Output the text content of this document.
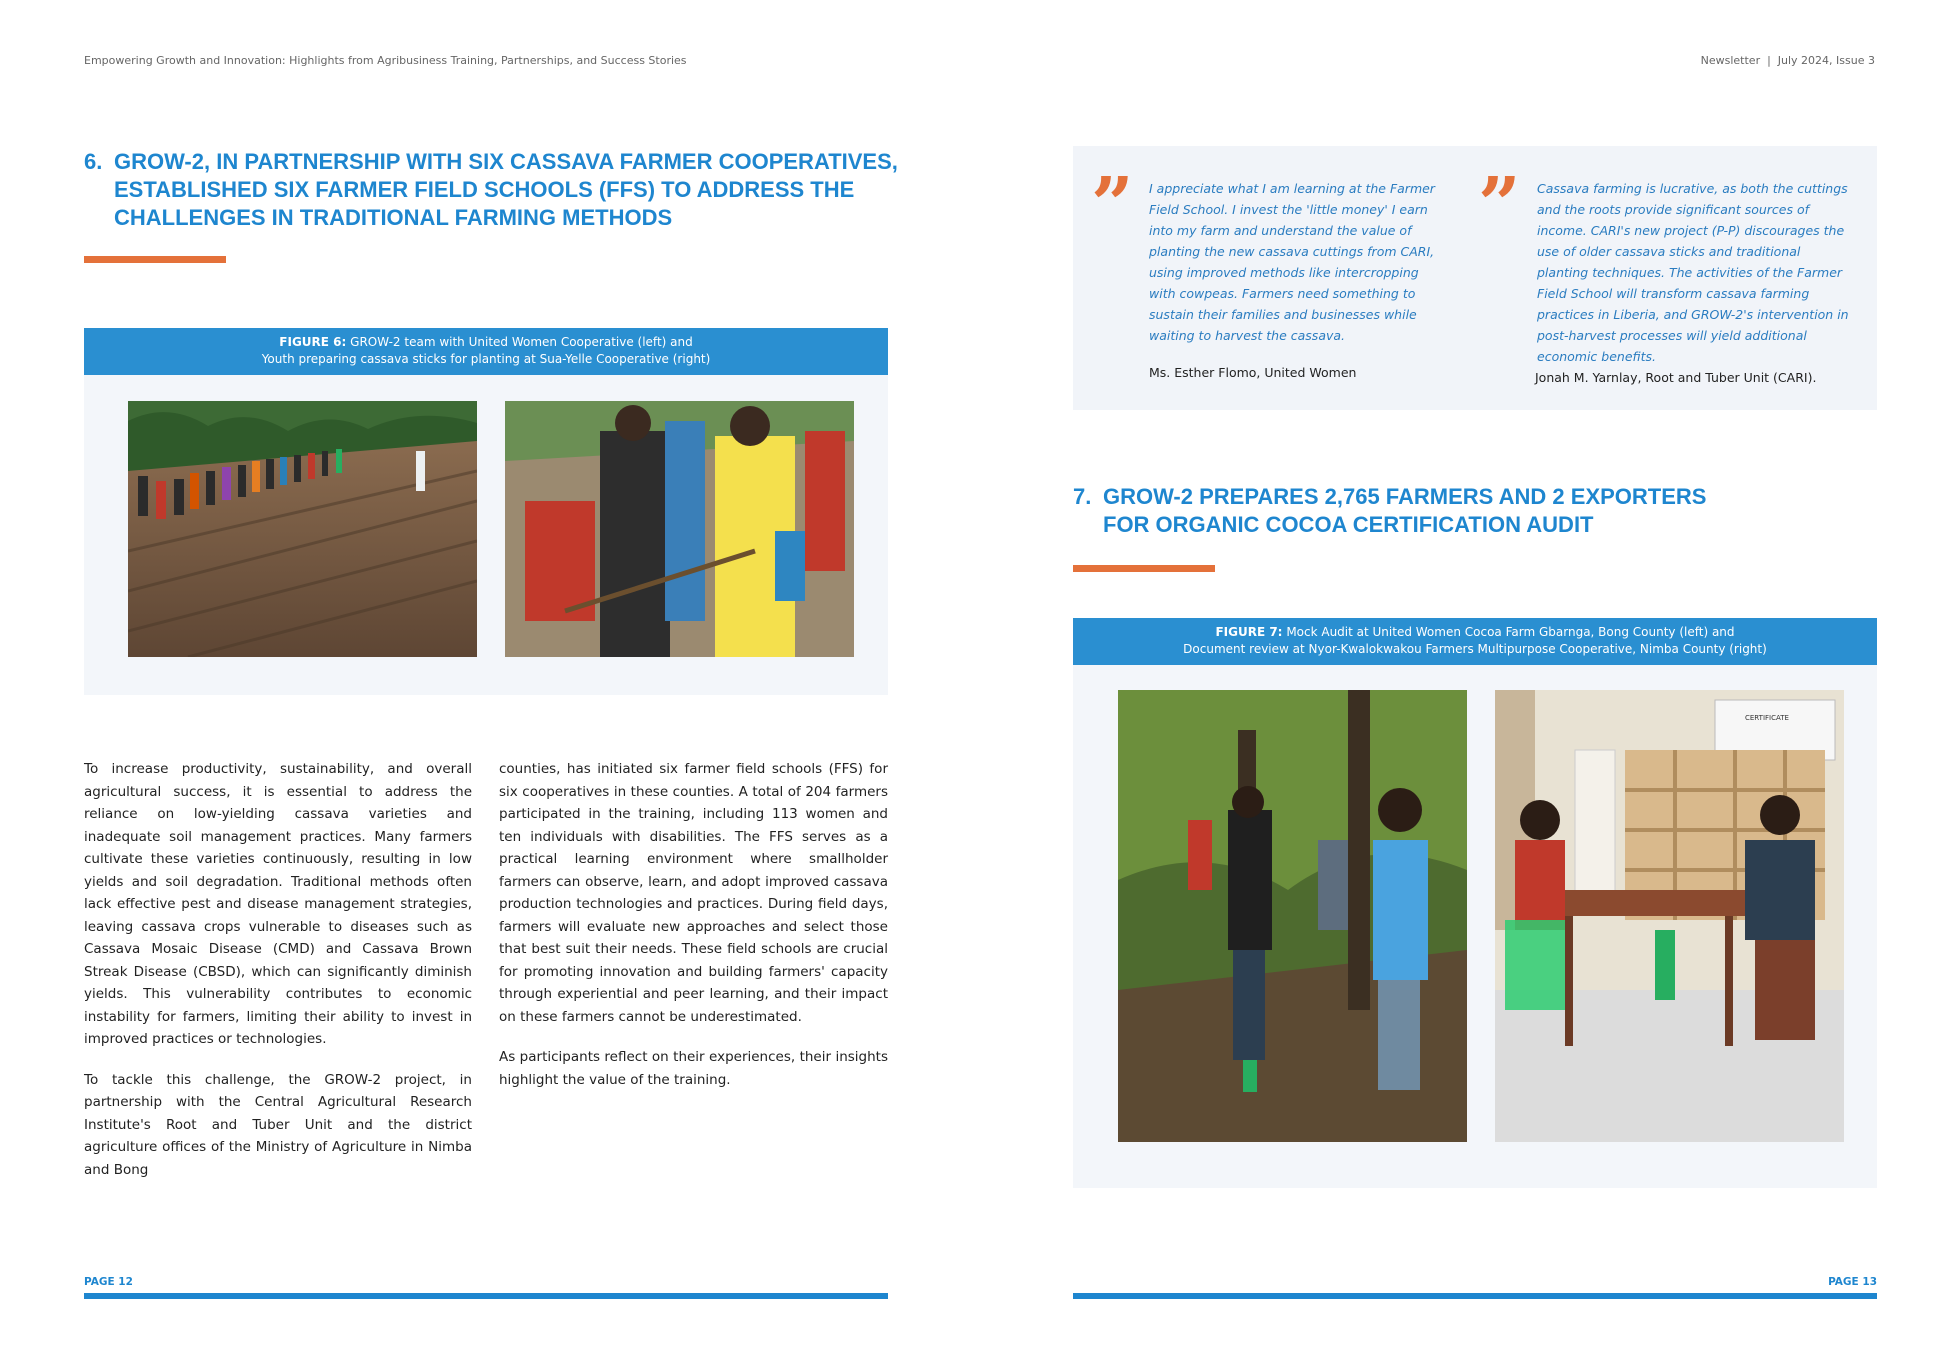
Empowering Growth and Innovation: Highlights from Agribusiness Training, Partnerships, and Success Stories	Newsletter  |  July 2024, Issue 3
6. GROW-2, IN PARTNERSHIP WITH SIX CASSAVA FARMER COOPERATIVES,
ESTABLISHED SIX FARMER FIELD SCHOOLS (FFS) TO ADDRESS THE
CHALLENGES IN TRADITIONAL FARMING METHODS
FIGURE 6: GROW-2 team with United Women Cooperative (left) and
Youth preparing cassava sticks for planting at Sua-Yelle Cooperative (right)

To increase productivity, sustainability, and overall agricultural success, it is essential to address the reliance on low-yielding cassava varieties and inadequate soil management practices. Many farmers cultivate these varieties continuously, resulting in low yields and soil degradation. Traditional methods often lack effective pest and disease management strategies, leaving cassava crops vulnerable to diseases such as Cassava Mosaic Disease (CMD) and Cassava Brown Streak Disease (CBSD), which can significantly diminish yields. This vulnerability contributes to economic instability for farmers, limiting their ability to invest in improved practices or technologies.

To tackle this challenge, the GROW-2 project, in partnership with the Central Agricultural Research Institute's Root and Tuber Unit and the district agriculture offices of the Ministry of Agriculture in Nimba and Bong

counties, has initiated six farmer field schools (FFS) for six cooperatives in these counties. A total of 204 farmers participated in the training, including 113 women and ten individuals with disabilities. The FFS serves as a practical learning environment where smallholder farmers can observe, learn, and adopt improved cassava production technologies and practices. During field days, farmers will evaluate new approaches and select those that best suit their needs. These field schools are crucial for promoting innovation and building farmers' capacity through experiential and peer learning, and their impact on these farmers cannot be underestimated.

As participants reflect on their experiences, their insights highlight the value of the training.

PAGE 12
” I appreciate what I am learning at the Farmer Field School. I invest the 'little money' I earn into my farm and understand the value of planting the new cassava cuttings from CARI, using improved methods like intercropping with cowpeas. Farmers need something to sustain their families and businesses while waiting to harvest the cassava.
Ms. Esther Flomo, United Women
” Cassava farming is lucrative, as both the cuttings and the roots provide significant sources of income. CARI's new project (P-P) discourages the use of older cassava sticks and traditional planting techniques. The activities of the Farmer Field School will transform cassava farming practices in Liberia, and GROW-2's intervention in post-harvest processes will yield additional economic benefits.
Jonah M. Yarnlay, Root and Tuber Unit (CARI).
7. GROW-2 PREPARES 2,765 FARMERS AND 2 EXPORTERS
FOR ORGANIC COCOA CERTIFICATION AUDIT
FIGURE 7: Mock Audit at United Women Cocoa Farm Gbarnga, Bong County (left) and
Document review at Nyor-Kwalokwakou Farmers Multipurpose Cooperative, Nimba County (right)
CERTIFICATE
PAGE 13
